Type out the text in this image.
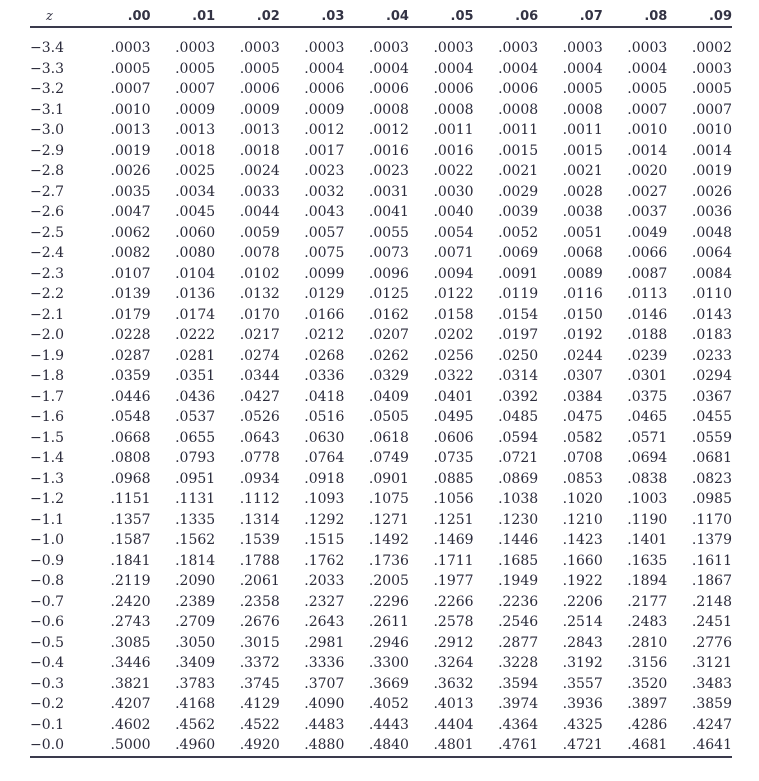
z	.00	.01	.02	.03	.04	.05	.06	.07	.08	.09

−3.4	.0003	.0003	.0003	.0003	.0003	.0003	.0003	.0003	.0003	.0002
−3.3	.0005	.0005	.0005	.0004	.0004	.0004	.0004	.0004	.0004	.0003
−3.2	.0007	.0007	.0006	.0006	.0006	.0006	.0006	.0005	.0005	.0005
−3.1	.0010	.0009	.0009	.0009	.0008	.0008	.0008	.0008	.0007	.0007
−3.0	.0013	.0013	.0013	.0012	.0012	.0011	.0011	.0011	.0010	.0010
−2.9	.0019	.0018	.0018	.0017	.0016	.0016	.0015	.0015	.0014	.0014
−2.8	.0026	.0025	.0024	.0023	.0023	.0022	.0021	.0021	.0020	.0019
−2.7	.0035	.0034	.0033	.0032	.0031	.0030	.0029	.0028	.0027	.0026
−2.6	.0047	.0045	.0044	.0043	.0041	.0040	.0039	.0038	.0037	.0036
−2.5	.0062	.0060	.0059	.0057	.0055	.0054	.0052	.0051	.0049	.0048
−2.4	.0082	.0080	.0078	.0075	.0073	.0071	.0069	.0068	.0066	.0064
−2.3	.0107	.0104	.0102	.0099	.0096	.0094	.0091	.0089	.0087	.0084
−2.2	.0139	.0136	.0132	.0129	.0125	.0122	.0119	.0116	.0113	.0110
−2.1	.0179	.0174	.0170	.0166	.0162	.0158	.0154	.0150	.0146	.0143
−2.0	.0228	.0222	.0217	.0212	.0207	.0202	.0197	.0192	.0188	.0183
−1.9	.0287	.0281	.0274	.0268	.0262	.0256	.0250	.0244	.0239	.0233
−1.8	.0359	.0351	.0344	.0336	.0329	.0322	.0314	.0307	.0301	.0294
−1.7	.0446	.0436	.0427	.0418	.0409	.0401	.0392	.0384	.0375	.0367
−1.6	.0548	.0537	.0526	.0516	.0505	.0495	.0485	.0475	.0465	.0455
−1.5	.0668	.0655	.0643	.0630	.0618	.0606	.0594	.0582	.0571	.0559
−1.4	.0808	.0793	.0778	.0764	.0749	.0735	.0721	.0708	.0694	.0681
−1.3	.0968	.0951	.0934	.0918	.0901	.0885	.0869	.0853	.0838	.0823
−1.2	.1151	.1131	.1112	.1093	.1075	.1056	.1038	.1020	.1003	.0985
−1.1	.1357	.1335	.1314	.1292	.1271	.1251	.1230	.1210	.1190	.1170
−1.0	.1587	.1562	.1539	.1515	.1492	.1469	.1446	.1423	.1401	.1379
−0.9	.1841	.1814	.1788	.1762	.1736	.1711	.1685	.1660	.1635	.1611
−0.8	.2119	.2090	.2061	.2033	.2005	.1977	.1949	.1922	.1894	.1867
−0.7	.2420	.2389	.2358	.2327	.2296	.2266	.2236	.2206	.2177	.2148
−0.6	.2743	.2709	.2676	.2643	.2611	.2578	.2546	.2514	.2483	.2451
−0.5	.3085	.3050	.3015	.2981	.2946	.2912	.2877	.2843	.2810	.2776
−0.4	.3446	.3409	.3372	.3336	.3300	.3264	.3228	.3192	.3156	.3121
−0.3	.3821	.3783	.3745	.3707	.3669	.3632	.3594	.3557	.3520	.3483
−0.2	.4207	.4168	.4129	.4090	.4052	.4013	.3974	.3936	.3897	.3859
−0.1	.4602	.4562	.4522	.4483	.4443	.4404	.4364	.4325	.4286	.4247
−0.0	.5000	.4960	.4920	.4880	.4840	.4801	.4761	.4721	.4681	.4641
